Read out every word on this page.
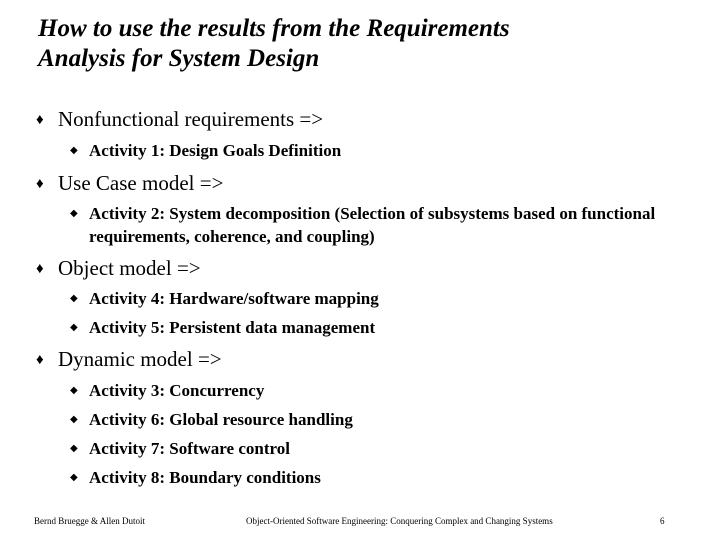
How to use the results from the Requirements
Analysis for System Design
♦ Nonfunctional requirements =>
◆ Activity 1: Design Goals Definition
♦ Use Case model =>
◆ Activity 2: System decomposition (Selection of subsystems based on functional requirements, coherence, and coupling)
♦ Object model =>
◆ Activity 4: Hardware/software mapping
◆ Activity 5: Persistent data management
♦ Dynamic model =>
◆ Activity 3: Concurrency
◆ Activity 6: Global resource handling
◆ Activity 7: Software control
◆ Activity 8: Boundary conditions
Bernd Bruegge & Allen Dutoit	Object-Oriented Software Engineering: Conquering Complex and Changing Systems	6
